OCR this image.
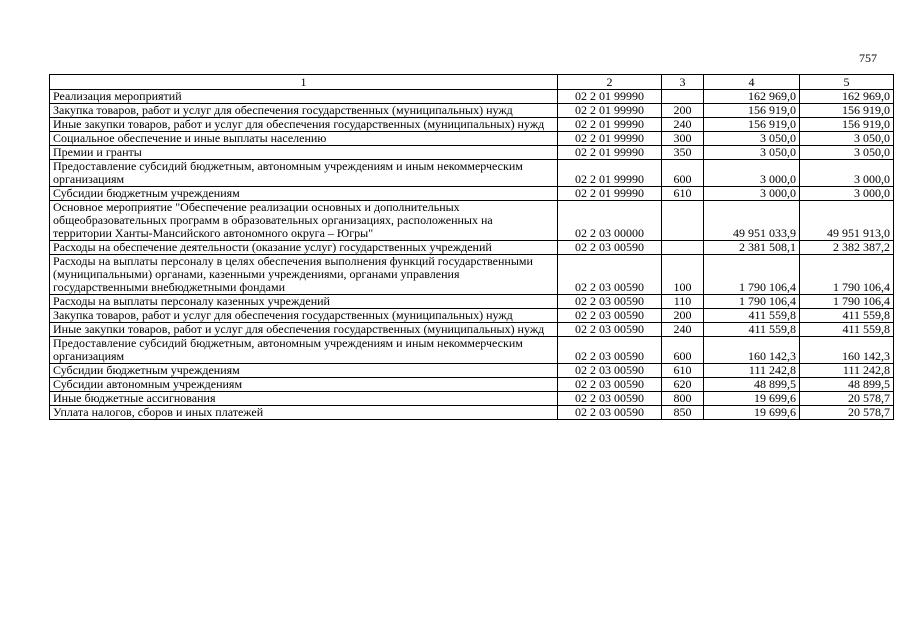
757
1	2	3	4	5
Реализация мероприятий	02 2 01 99990		162 969,0	162 969,0
Закупка товаров, работ и услуг для обеспечения государственных (муниципальных) нужд	02 2 01 99990	200	156 919,0	156 919,0
Иные закупки товаров, работ и услуг для обеспечения государственных (муниципальных) нужд	02 2 01 99990	240	156 919,0	156 919,0
Социальное обеспечение и иные выплаты населению	02 2 01 99990	300	3 050,0	3 050,0
Премии и гранты	02 2 01 99990	350	3 050,0	3 050,0
Предоставление субсидий бюджетным, автономным учреждениям и иным некоммерческим организациям	02 2 01 99990	600	3 000,0	3 000,0
Субсидии бюджетным учреждениям	02 2 01 99990	610	3 000,0	3 000,0
Основное мероприятие "Обеспечение реализации основных и дополнительных общеобразовательных программ в образовательных организациях, расположенных на территории Ханты-Мансийского автономного округа – Югры"	02 2 03 00000		49 951 033,9	49 951 913,0
Расходы на обеспечение деятельности (оказание услуг) государственных учреждений	02 2 03 00590		2 381 508,1	2 382 387,2
Расходы на выплаты персоналу в целях обеспечения выполнения функций государственными (муниципальными) органами, казенными учреждениями, органами управления государственными внебюджетными фондами	02 2 03 00590	100	1 790 106,4	1 790 106,4
Расходы на выплаты персоналу казенных учреждений	02 2 03 00590	110	1 790 106,4	1 790 106,4
Закупка товаров, работ и услуг для обеспечения государственных (муниципальных) нужд	02 2 03 00590	200	411 559,8	411 559,8
Иные закупки товаров, работ и услуг для обеспечения государственных (муниципальных) нужд	02 2 03 00590	240	411 559,8	411 559,8
Предоставление субсидий бюджетным, автономным учреждениям и иным некоммерческим организациям	02 2 03 00590	600	160 142,3	160 142,3
Субсидии бюджетным учреждениям	02 2 03 00590	610	111 242,8	111 242,8
Субсидии автономным учреждениям	02 2 03 00590	620	48 899,5	48 899,5
Иные бюджетные ассигнования	02 2 03 00590	800	19 699,6	20 578,7
Уплата налогов, сборов и иных платежей	02 2 03 00590	850	19 699,6	20 578,7
